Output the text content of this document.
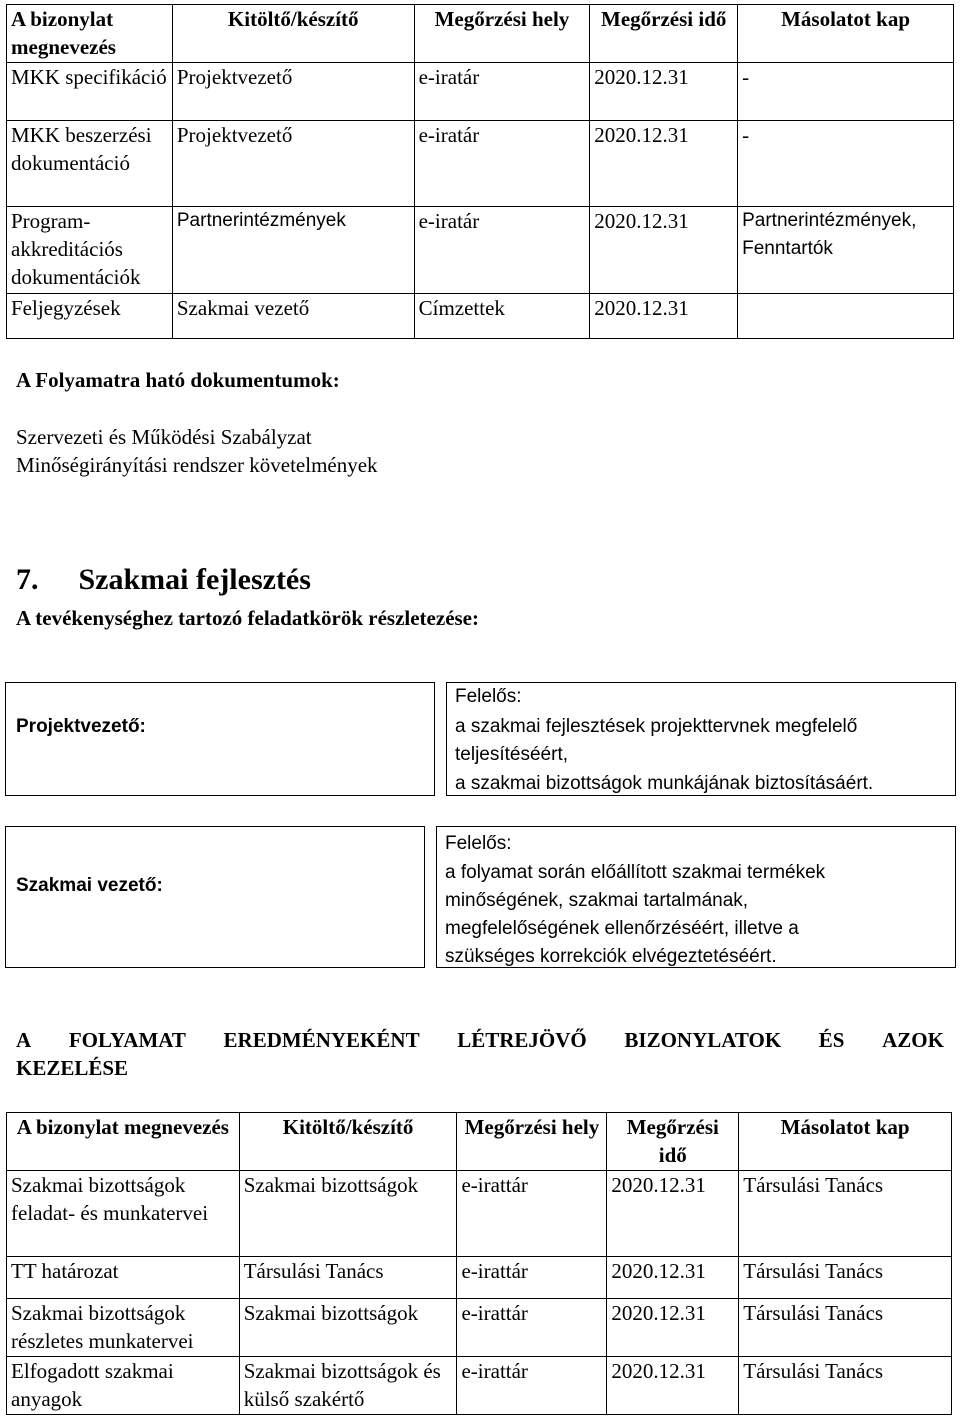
A bizonylat megnevezés	Kitöltő/készítő	Megőrzési hely	Megőrzési idő	Másolatot kap
MKK specifikáció	Projektvezető	e-iratár	2020.12.31	-
MKK beszerzési dokumentáció	Projektvezető	e-iratár	2020.12.31	-
Program-akkreditációs dokumentációk	Partnerintézmények	e-iratár	2020.12.31	Partnerintézmények, Fenntartók
Feljegyzések	Szakmai vezető	Címzettek	2020.12.31	
A Folyamatra ható dokumentumok:
Szervezeti és Működési Szabályzat
Minőségirányítási rendszer követelmények
7. Szakmai fejlesztés
A tevékenységhez tartozó feladatkörök részletezése:
Projektvezető:
Felelős:
a szakmai fejlesztések projekttervnek megfelelő
teljesítéséért,
a szakmai bizottságok munkájának biztosításáért.
Szakmai vezető:
Felelős:
a folyamat során előállított szakmai termékek
minőségének, szakmai tartalmának,
megfelelőségének ellenőrzéséért, illetve a
szükséges korrekciók elvégeztetéséért.
A FOLYAMAT EREDMÉNYEKÉNT LÉTREJÖVŐ BIZONYLATOK ÉS AZOK
KEZELÉSE
A bizonylat megnevezés	Kitöltő/készítő	Megőrzési hely	Megőrzési idő	Másolatot kap
Szakmai bizottságok feladat- és munkatervei	Szakmai bizottságok	e-irattár	2020.12.31	Társulási Tanács
TT határozat	Társulási Tanács	e-irattár	2020.12.31	Társulási Tanács
Szakmai bizottságok részletes munkatervei	Szakmai bizottságok	e-irattár	2020.12.31	Társulási Tanács
Elfogadott szakmai anyagok	Szakmai bizottságok és külső szakértő	e-irattár	2020.12.31	Társulási Tanács
